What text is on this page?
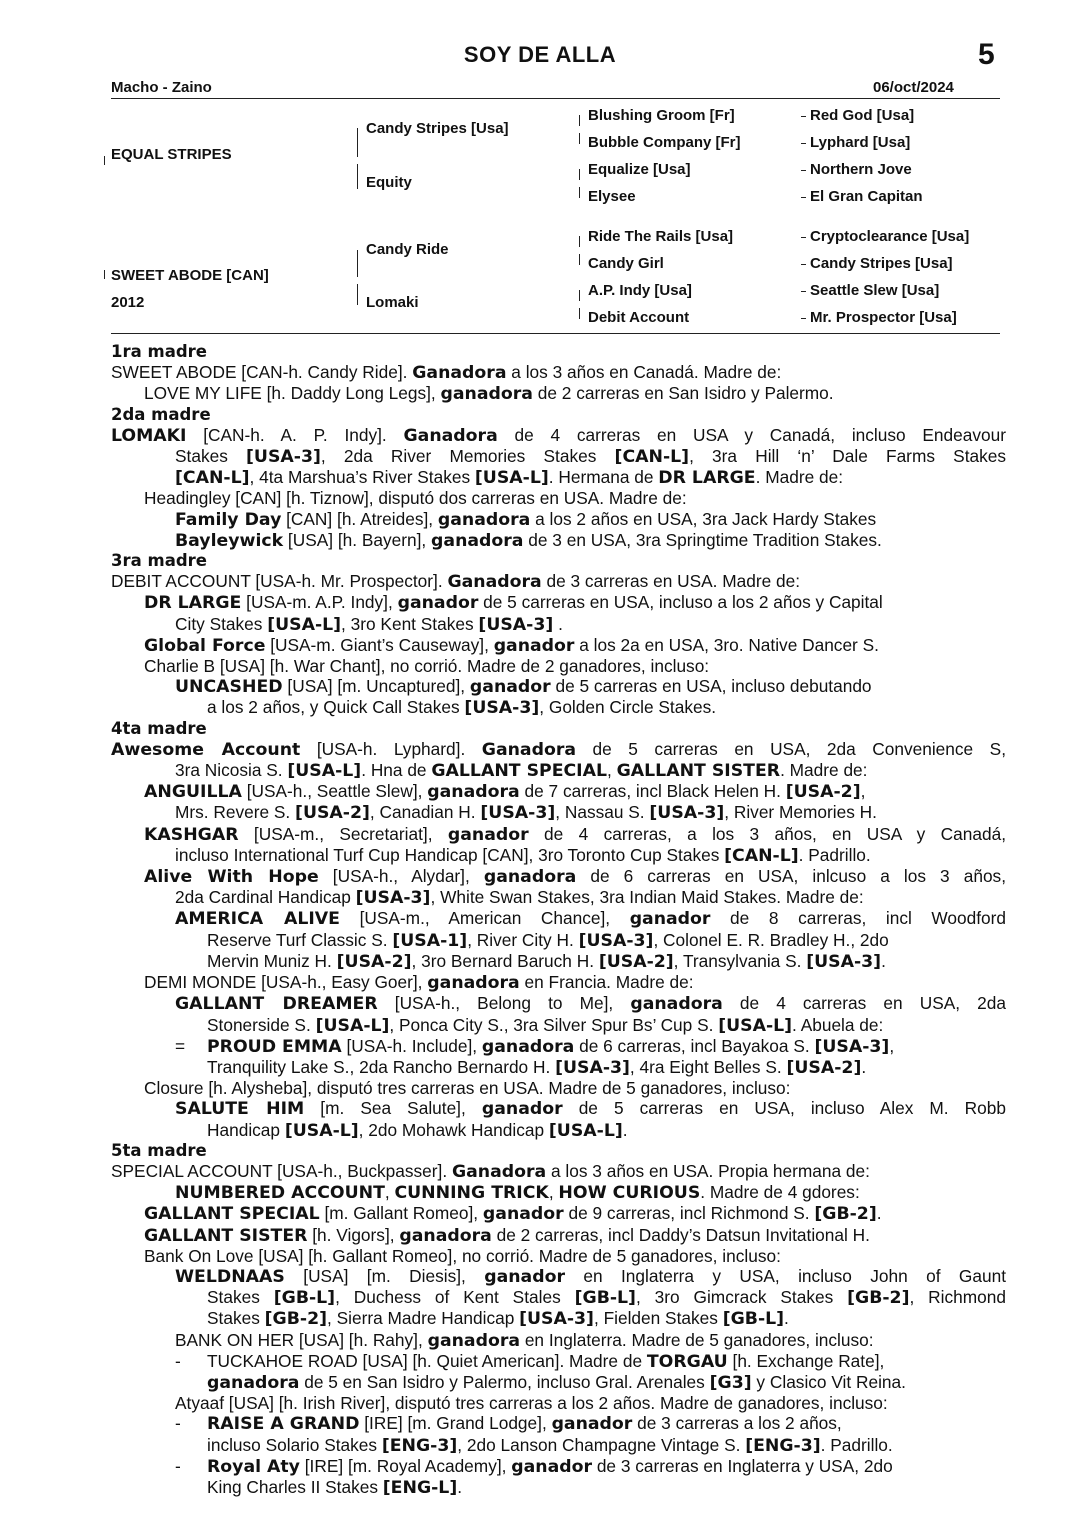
SOY DE ALLA	5
Macho - Zaino	06/oct/2024
EQUAL STRIPES
SWEET ABODE [CAN]
2012
Candy Stripes [Usa]
Equity
Candy Ride
Lomaki
Blushing Groom [Fr]
Bubble Company [Fr]
Equalize [Usa]
Elysee
Ride The Rails [Usa]
Candy Girl
A.P. Indy [Usa]
Debit Account
Red God [Usa]
Lyphard [Usa]
Northern Jove
El Gran Capitan
Cryptoclearance [Usa]
Candy Stripes [Usa]
Seattle Slew [Usa]
Mr. Prospector [Usa]
1ra madre
SWEET ABODE [CAN-h. Candy Ride]. Ganadora a los 3 años en Canadá. Madre de:
LOVE MY LIFE [h. Daddy Long Legs], ganadora de 2 carreras en San Isidro y Palermo.
2da madre
LOMAKI [CAN-h. A. P. Indy]. Ganadora de 4 carreras en USA y Canadá, incluso Endeavour
Stakes [USA-3], 2da River Memories Stakes [CAN-L], 3ra Hill ‘n’ Dale Farms Stakes
[CAN-L], 4ta Marshua’s River Stakes [USA-L]. Hermana de DR LARGE. Madre de:
Headingley [CAN] [h. Tiznow], disputó dos carreras en USA. Madre de:
Family Day [CAN] [h. Atreides], ganadora a los 2 años en USA, 3ra Jack Hardy Stakes
Bayleywick [USA] [h. Bayern], ganadora de 3 en USA, 3ra Springtime Tradition Stakes.
3ra madre
DEBIT ACCOUNT [USA-h. Mr. Prospector]. Ganadora de 3 carreras en USA. Madre de:
DR LARGE [USA-m. A.P. Indy], ganador de 5 carreras en USA, incluso a los 2 años y Capital
City Stakes [USA-L], 3ro Kent Stakes [USA-3] .
Global Force [USA-m. Giant’s Causeway], ganador a los 2a en USA, 3ro. Native Dancer S.
Charlie B [USA] [h. War Chant], no corrió. Madre de 2 ganadores, incluso:
UNCASHED [USA] [m. Uncaptured], ganador de 5 carreras en USA, incluso debutando
a los 2 años, y Quick Call Stakes [USA-3], Golden Circle Stakes.
4ta madre
Awesome Account [USA-h. Lyphard]. Ganadora de 5 carreras en USA, 2da Convenience S,
3ra Nicosia S. [USA-L]. Hna de GALLANT SPECIAL, GALLANT SISTER. Madre de:
ANGUILLA [USA-h., Seattle Slew], ganadora de 7 carreras, incl Black Helen H. [USA-2],
Mrs. Revere S. [USA-2], Canadian H. [USA-3], Nassau S. [USA-3], River Memories H.
KASHGAR [USA-m., Secretariat], ganador de 4 carreras, a los 3 años, en USA y Canadá,
incluso International Turf Cup Handicap [CAN], 3ro Toronto Cup Stakes [CAN-L]. Padrillo.
Alive With Hope [USA-h., Alydar], ganadora de 6 carreras en USA, inlcuso a los 3 años,
2da Cardinal Handicap [USA-3], White Swan Stakes, 3ra Indian Maid Stakes. Madre de:
AMERICA ALIVE [USA-m., American Chance], ganador de 8 carreras, incl Woodford
Reserve Turf Classic S. [USA-1], River City H. [USA-3], Colonel E. R. Bradley H., 2do
Mervin Muniz H. [USA-2], 3ro Bernard Baruch H. [USA-2], Transylvania S. [USA-3].
DEMI MONDE [USA-h., Easy Goer], ganadora en Francia. Madre de:
GALLANT DREAMER [USA-h., Belong to Me], ganadora de 4 carreras en USA, 2da
Stonerside S. [USA-L], Ponca City S., 3ra Silver Spur Bs’ Cup S. [USA-L]. Abuela de:
= PROUD EMMA [USA-h. Include], ganadora de 6 carreras, incl Bayakoa S. [USA-3],
Tranquility Lake S., 2da Rancho Bernardo H. [USA-3], 4ra Eight Belles S. [USA-2].
Closure [h. Alysheba], disputó tres carreras en USA. Madre de 5 ganadores, incluso:
SALUTE HIM [m. Sea Salute], ganador de 5 carreras en USA, incluso Alex M. Robb
Handicap [USA-L], 2do Mohawk Handicap [USA-L].
5ta madre
SPECIAL ACCOUNT [USA-h., Buckpasser]. Ganadora a los 3 años en USA. Propia hermana de:
NUMBERED ACCOUNT, CUNNING TRICK, HOW CURIOUS. Madre de 4 gdores:
GALLANT SPECIAL [m. Gallant Romeo], ganador de 9 carreras, incl Richmond S. [GB-2].
GALLANT SISTER [h. Vigors], ganadora de 2 carreras, incl Daddy’s Datsun Invitational H.
Bank On Love [USA] [h. Gallant Romeo], no corrió. Madre de 5 ganadores, incluso:
WELDNAAS [USA] [m. Diesis], ganador en Inglaterra y USA, incluso John of Gaunt
Stakes [GB-L], Duchess of Kent Stales [GB-L], 3ro Gimcrack Stakes [GB-2], Richmond
Stakes [GB-2], Sierra Madre Handicap [USA-3], Fielden Stakes [GB-L].
BANK ON HER [USA] [h. Rahy], ganadora en Inglaterra. Madre de 5 ganadores, incluso:
- TUCKAHOE ROAD [USA] [h. Quiet American]. Madre de TORGAU [h. Exchange Rate],
ganadora de 5 en San Isidro y Palermo, incluso Gral. Arenales [G3] y Clasico Vit Reina.
Atyaaf [USA] [h. Irish River], disputó tres carreras a los 2 años. Madre de ganadores, incluso:
- RAISE A GRAND [IRE] [m. Grand Lodge], ganador de 3 carreras a los 2 años,
incluso Solario Stakes [ENG-3], 2do Lanson Champagne Vintage S. [ENG-3]. Padrillo.
- Royal Aty [IRE] [m. Royal Academy], ganador de 3 carreras en Inglaterra y USA, 2do
King Charles II Stakes [ENG-L].
